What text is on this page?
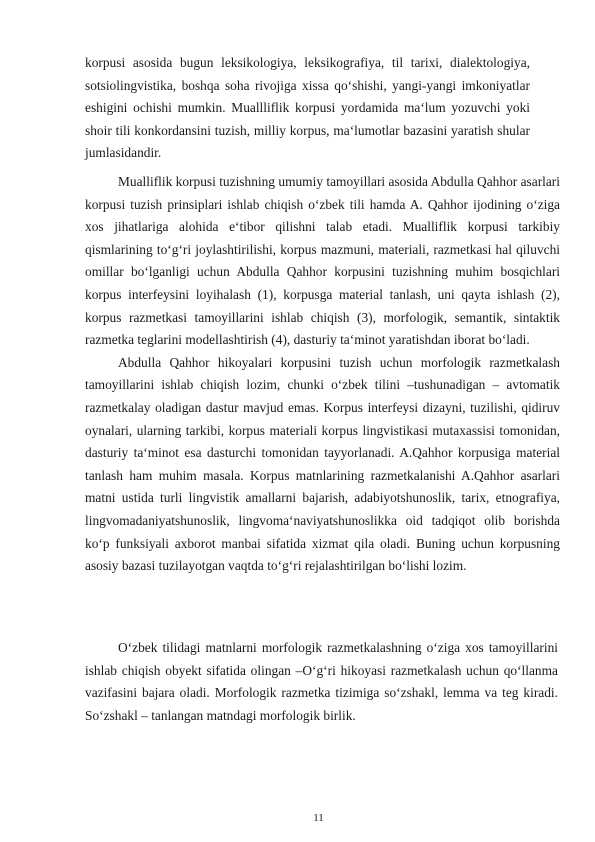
korpusi asosida bugun leksikologiya, leksikografiya, til tarixi, dialektologiya, sotsiolingvistika, boshqa soha rivojiga xissa qo‘shishi, yangi-yangi imkoniyatlar eshigini ochishi mumkin. Muallliflik korpusi yordamida ma‘lum yozuvchi yoki shoir tili konkordansini tuzish, milliy korpus, ma‘lumotlar bazasini yaratish shular jumlasidandir.

Mualliflik korpusi tuzishning umumiy tamoyillari asosida Abdulla Qahhor asarlari korpusi tuzish prinsiplari ishlab chiqish o‘zbek tili hamda A. Qahhor ijodining o‘ziga xos jihatlariga alohida e‘tibor qilishni talab etadi. Mualliflik korpusi tarkibiy qismlarining to‘g‘ri joylashtirilishi, korpus mazmuni, materiali, razmetkasi hal qiluvchi omillar bo‘lganligi uchun Abdulla Qahhor korpusini tuzishning muhim bosqichlari korpus interfeysini loyihalash (1), korpusga material tanlash, uni qayta ishlash (2), korpus razmetkasi tamoyillarini ishlab chiqish (3), morfologik, semantik, sintaktik razmetka teglarini modellashtirish (4), dasturiy ta‘minot yaratishdan iborat bo‘ladi.

Abdulla Qahhor hikoyalari korpusini tuzish uchun morfologik razmetkalash tamoyillarini ishlab chiqish lozim, chunki o‘zbek tilini –tushunadigan – avtomatik razmetkalay oladigan dastur mavjud emas. Korpus interfeysi dizayni, tuzilishi, qidiruv oynalari, ularning tarkibi, korpus materiali korpus lingvistikasi mutaxassisi tomonidan, dasturiy ta‘minot esa dasturchi tomonidan tayyorlanadi. A.Qahhor korpusiga material tanlash ham muhim masala. Korpus matnlarining razmetkalanishi A.Qahhor asarlari matni ustida turli lingvistik amallarni bajarish, adabiyotshunoslik, tarix, etnografiya, lingvomadaniyatshunoslik, lingvoma‘naviyatshunoslikka oid tadqiqot olib borishda ko‘p funksiyali axborot manbai sifatida xizmat qila oladi. Buning uchun korpusning asosiy bazasi tuzilayotgan vaqtda to‘g‘ri rejalashtirilgan bo‘lishi lozim.

O‘zbek tilidagi matnlarni morfologik razmetkalashning o‘ziga xos tamoyillarini ishlab chiqish obyekt sifatida olingan –O‘g‘ri hikoyasi razmetkalash uchun qo‘llanma vazifasini bajara oladi. Morfologik razmetka tizimiga so‘zshakl, lemma va teg kiradi. So‘zshakl – tanlangan matndagi morfologik birlik.

11
